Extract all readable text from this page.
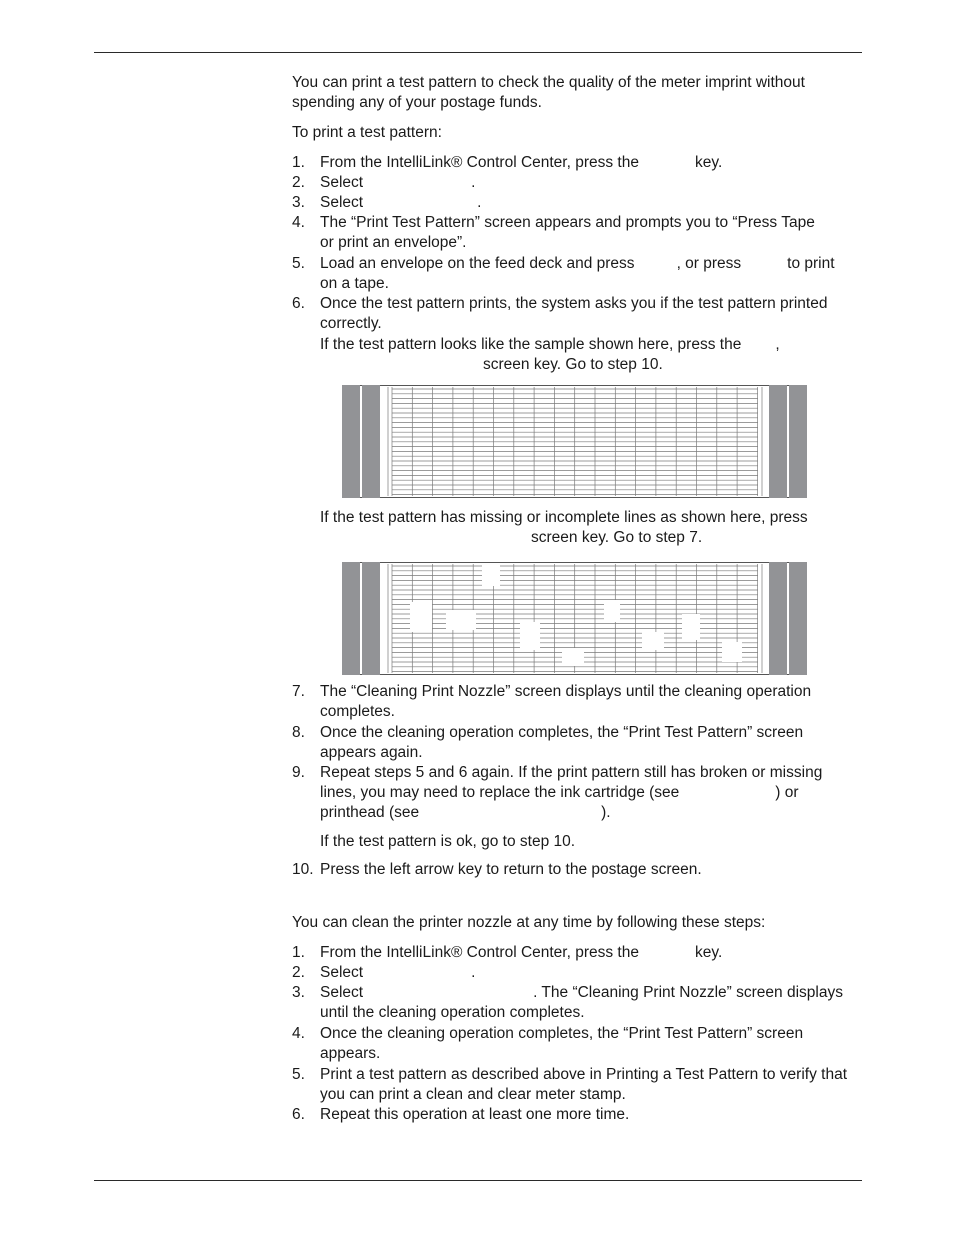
You can print a test pattern to check the quality of the meter imprint without spending any of your postage funds.

To print a test pattern:

1. From the IntelliLink® Control Center, press the	key.
2. Select	.
3. Select	.
4. The “Print Test Pattern” screen appears and prompts you to “Press Tape or print an envelope”.
5. Load an envelope on the feed deck and press	, or press	to print on a tape.
6. Once the test pattern prints, the system asks you if the test pattern printed correctly.
If the test pattern looks like the sample shown here, press the ,
screen key. Go to step 10.
If the test pattern has missing or incomplete lines as shown here, press
screen key. Go to step 7.
7. The “Cleaning Print Nozzle” screen displays until the cleaning operation completes.
8. Once the cleaning operation completes, the “Print Test Pattern” screen appears again.
9. Repeat steps 5 and 6 again. If the print pattern still has broken or missing lines, you may need to replace the ink cartridge (see	) or printhead (see	).
If the test pattern is ok, go to step 10.
10. Press the left arrow key to return to the postage screen.

You can clean the printer nozzle at any time by following these steps:

1. From the IntelliLink® Control Center, press the	key.
2. Select	.
3. Select	. The “Cleaning Print Nozzle” screen displays until the cleaning operation completes.
4. Once the cleaning operation completes, the “Print Test Pattern” screen appears.
5. Print a test pattern as described above in Printing a Test Pattern to verify that you can print a clean and clear meter stamp.
6. Repeat this operation at least one more time.
